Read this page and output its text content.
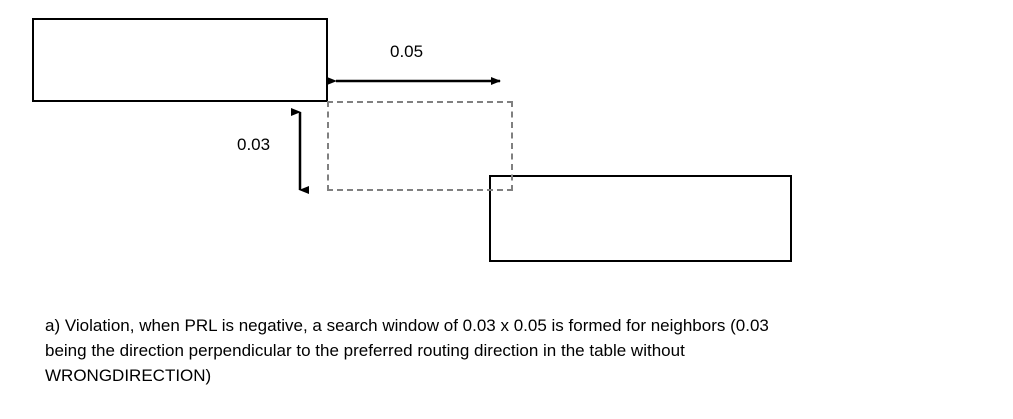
0.05
0.03
a) Violation, when PRL is negative, a search window of 0.03 x 0.05 is formed for neighbors (0.03 being the direction perpendicular to the preferred routing direction in the table without WRONGDIRECTION)
